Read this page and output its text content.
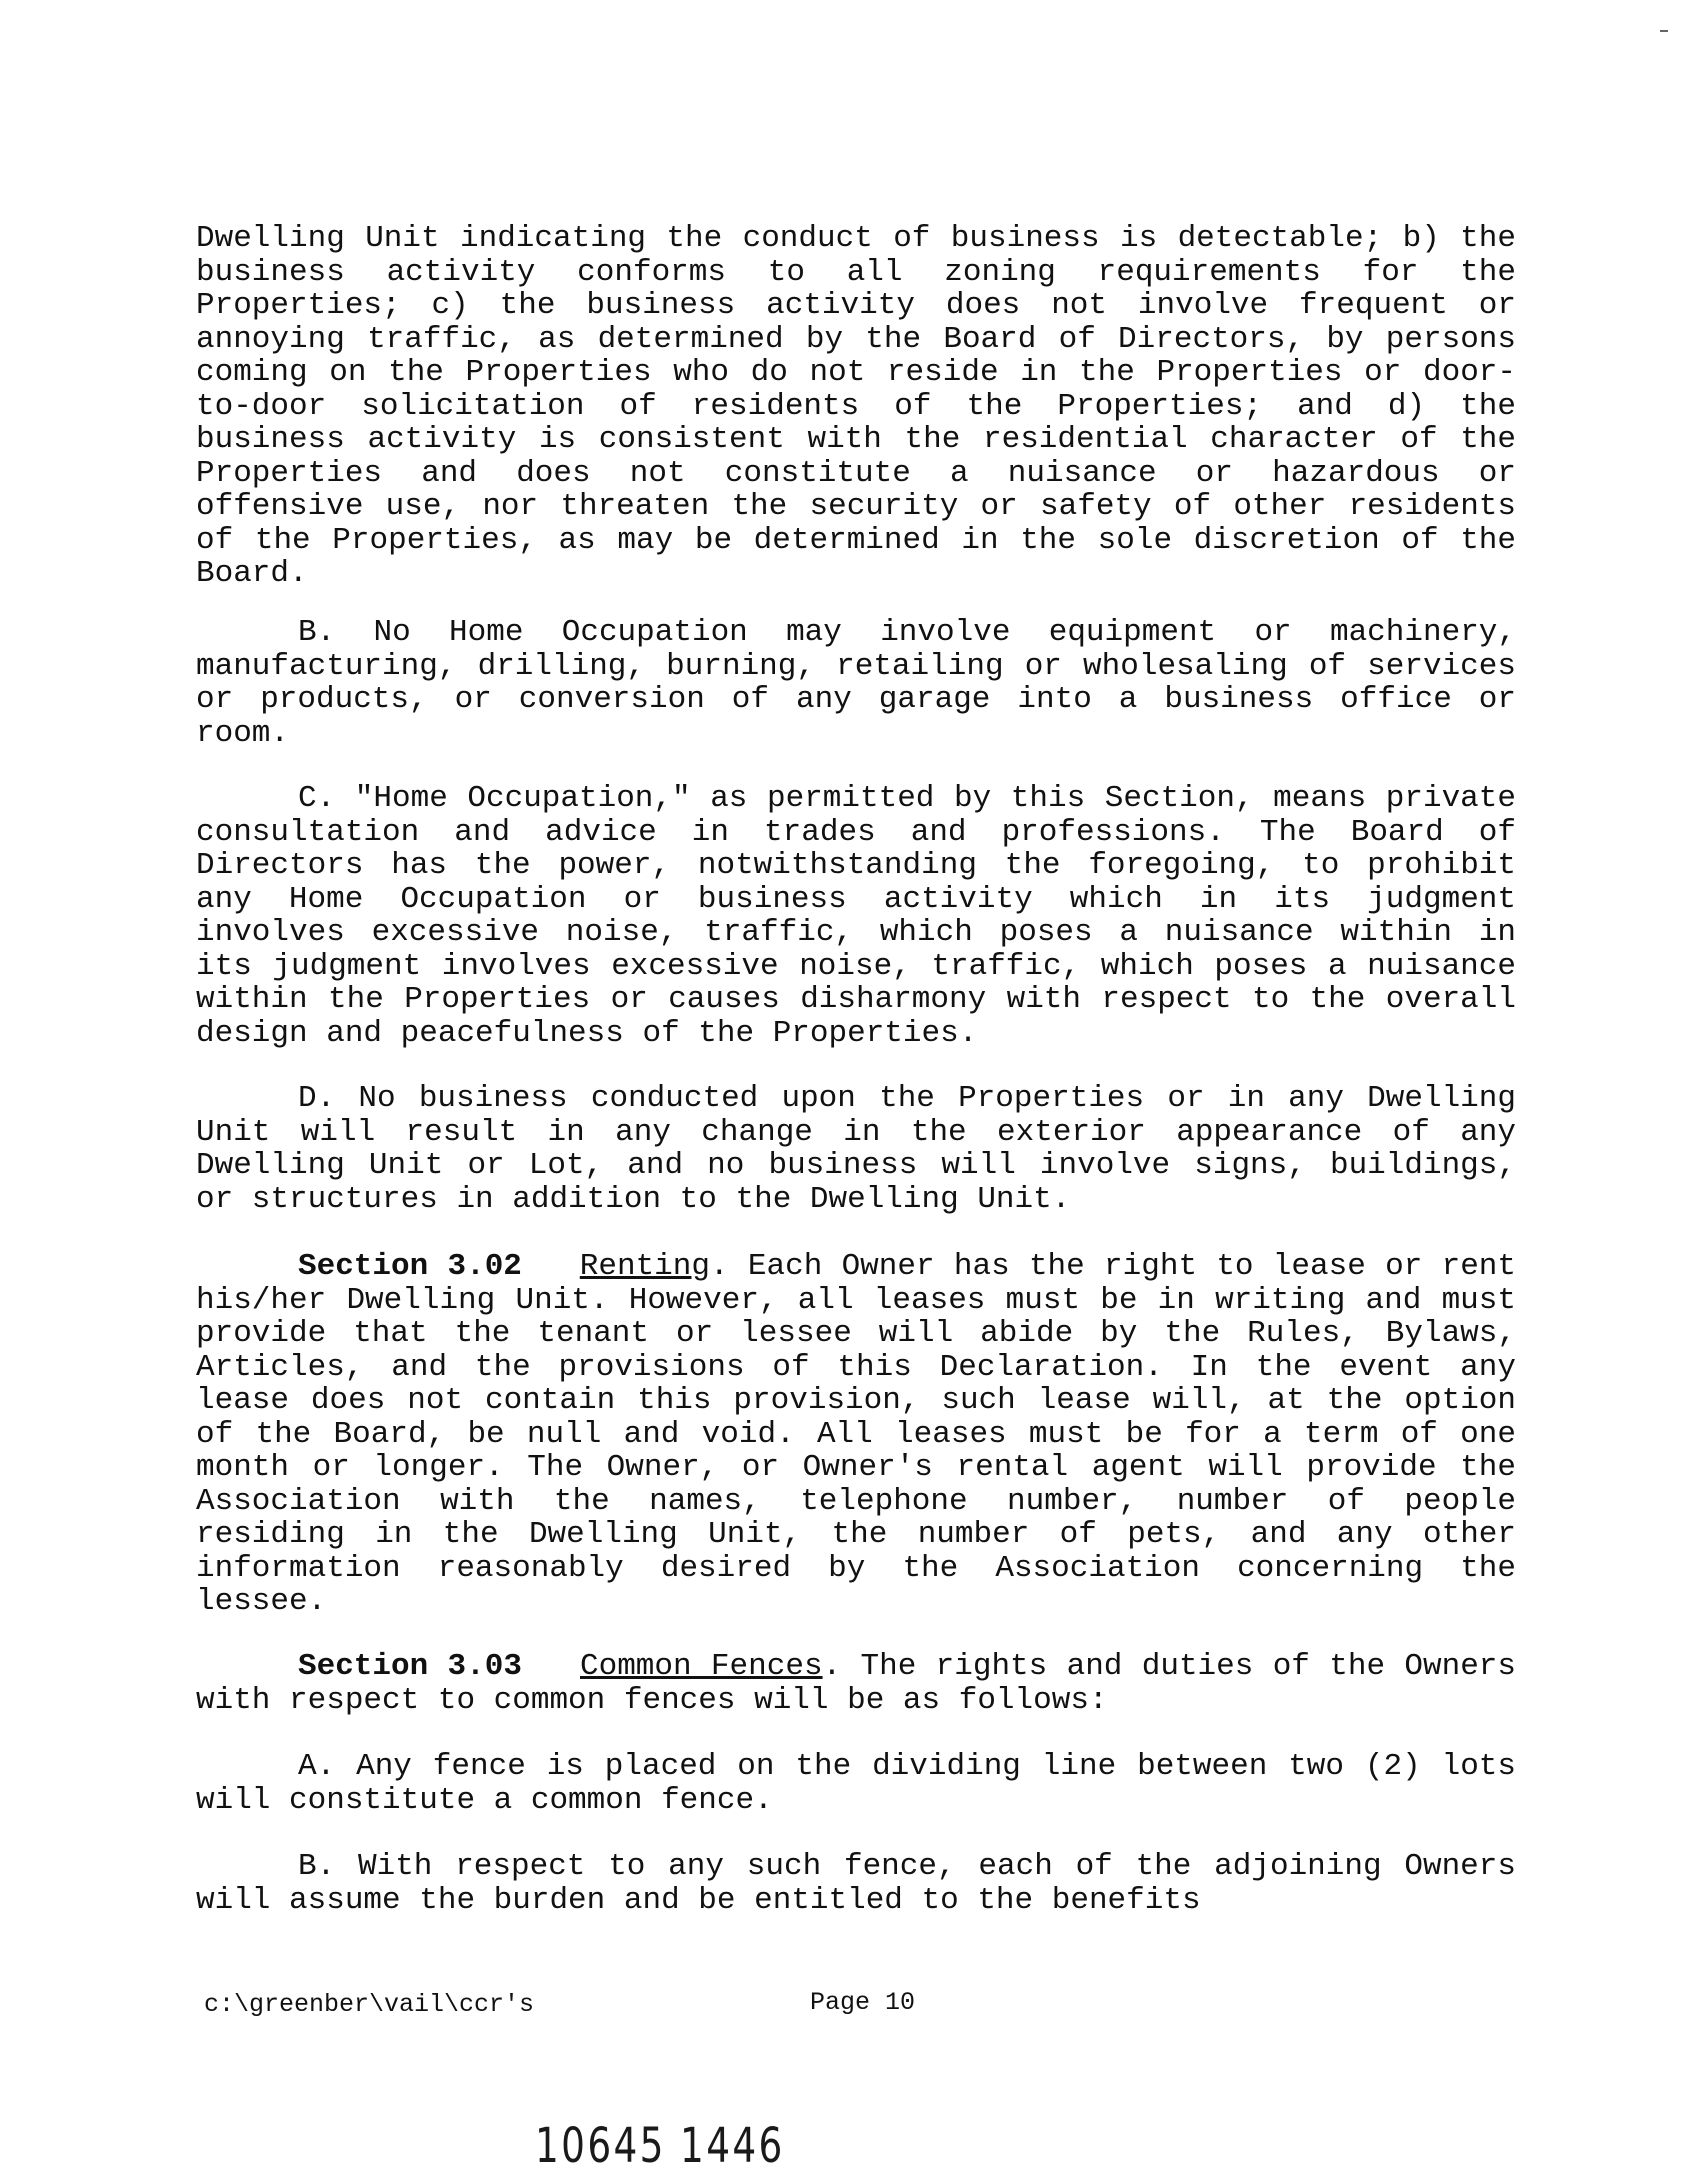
Dwelling Unit indicating the conduct of business is detectable; b) the business activity conforms to all zoning requirements for the Properties; c) the business activity does not involve frequent or annoying traffic, as determined by the Board of Directors, by persons coming on the Properties who do not reside in the Properties or door-to-door solicitation of residents of the Properties; and d) the business activity is consistent with the residential character of the Properties and does not constitute a nuisance or hazardous or offensive use, nor threaten the security or safety of other residents of the Properties, as may be determined in the sole discretion of the Board.

B. No Home Occupation may involve equipment or machinery, manufacturing, drilling, burning, retailing or wholesaling of services or products, or conversion of any garage into a business office or room.

C. "Home Occupation," as permitted by this Section, means private consultation and advice in trades and professions. The Board of Directors has the power, notwithstanding the foregoing, to prohibit any Home Occupation or business activity which in its judgment involves excessive noise, traffic, which poses a nuisance within in its judgment involves excessive noise, traffic, which poses a nuisance within the Properties or causes disharmony with respect to the overall design and peacefulness of the Properties.

D. No business conducted upon the Properties or in any Dwelling Unit will result in any change in the exterior appearance of any Dwelling Unit or Lot, and no business will involve signs, buildings, or structures in addition to the Dwelling Unit.

Section 3.02 Renting. Each Owner has the right to lease or rent his/her Dwelling Unit. However, all leases must be in writing and must provide that the tenant or lessee will abide by the Rules, Bylaws, Articles, and the provisions of this Declaration. In the event any lease does not contain this provision, such lease will, at the option of the Board, be null and void. All leases must be for a term of one month or longer. The Owner, or Owner's rental agent will provide the Association with the names, telephone number, number of people residing in the Dwelling Unit, the number of pets, and any other information reasonably desired by the Association concerning the lessee.

Section 3.03 Common Fences. The rights and duties of the Owners with respect to common fences will be as follows:

A. Any fence is placed on the dividing line between two (2) lots will constitute a common fence.

B. With respect to any such fence, each of the adjoining Owners will assume the burden and be entitled to the benefits

c:\greenber\vail\ccr's	Page 10
10645 1446
